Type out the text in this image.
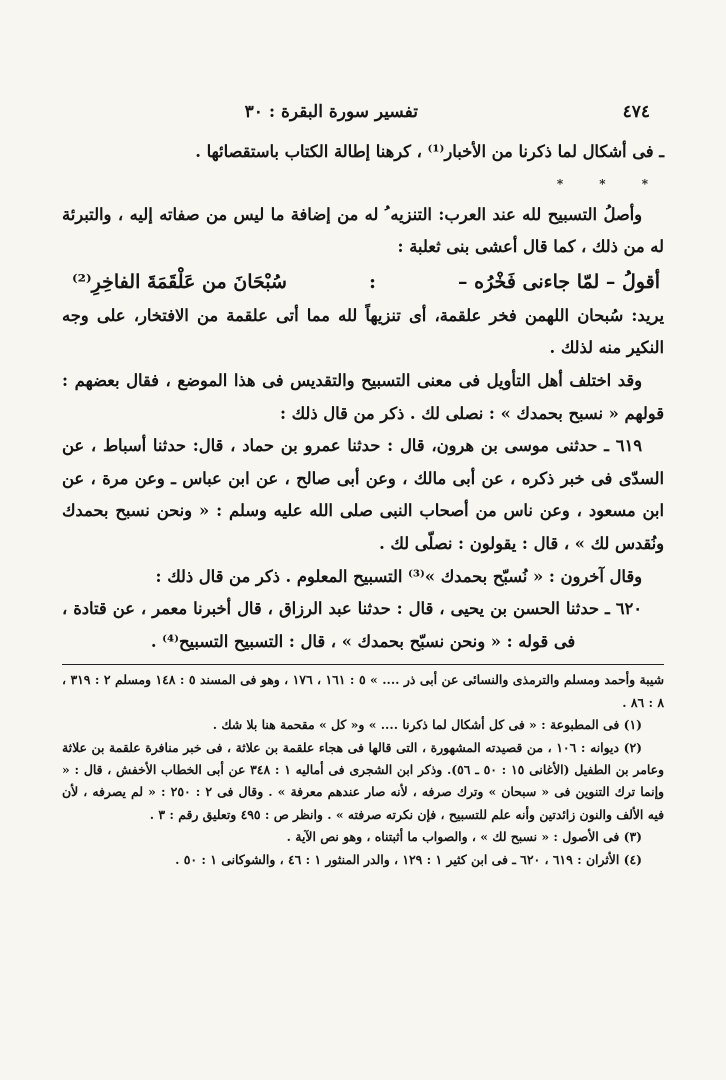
٤٧٤
تفسير سورة البقرة : ٣٠

ـ فى أشكال لما ذكرنا من الأخبار⁽¹⁾ ، كرهنا إطالة الكتاب باستقصائها .

* * *

وأصلُ التسبيح لله عند العرب: التنزيه ُ له من إضافة ما ليس من صفاته إليه ، والتبرئة له من ذلك ، كما قال أعشى بنى ثعلبة :

أقولُ – لمّا جاءنى فَخْرُه –
:
سُبْحَانَ من عَلْقَمَةَ الفاخِرِ⁽²⁾

يريد: سُبحان اللهمن فخر علقمة، أى تنزيهاً لله مما أتى علقمة من الافتخار، على وجه النكير منه لذلك .

وقد اختلف أهل التأويل فى معنى التسبيح والتقديس فى هذا الموضع ، فقال بعضهم : قولهم « نسبح بحمدك » : نصلى لك . ذكر من قال ذلك :

٦١٩ ـ حدثنى موسى بن هرون، قال : حدثنا عمرو بن حماد ، قال: حدثنا أسباط ، عن السدّى فى خبر ذكره ، عن أبى مالك ، وعن أبى صالح ، عن ابن عباس ـ وعن مرة ، عن ابن مسعود ، وعن ناس من أصحاب النبى صلى الله عليه وسلم : « ونحن نسبح بحمدك ونُقدس لك » ، قال : يقولون : نصلّى لك .

وقال آخرون : « نُسبّح بحمدك »⁽³⁾ التسبيح المعلوم . ذكر من قال ذلك :

٦٢٠ ـ حدثنا الحسن بن يحيى ، قال : حدثنا عبد الرزاق ، قال أخبرنا معمر ، عن قتادة ، فى قوله : « ونحن نسبّح بحمدك » ، قال : التسبيح التسبيح⁽⁴⁾ .

شيبة وأحمد ومسلم والترمذى والنسائى عن أبى ذر .... » ٥ : ١٦١ ، ١٧٦ ، وهو فى المسند ٥ : ١٤٨ ومسلم ٢ : ٣١٩ ، ٨ : ٨٦ .

(١) فى المطبوعة : « فى كل أشكال لما ذكرنا .... » و« كل » مقحمة هنا بلا شك .

(٢) ديوانه : ١٠٦ ، من قصيدته المشهورة ، التى قالها فى هجاء علقمة بن علاثة ، فى خبر منافرة علقمة بن علاثة وعامر بن الطفيل (الأغانى ١٥ : ٥٠ ـ ٥٦). وذكر ابن الشجرى فى أماليه ١ : ٣٤٨ عن أبى الخطاب الأخفش ، قال : « وإنما ترك التنوين فى « سبحان » وترك صرفه ، لأنه صار عندهم معرفة » . وقال فى ٢ : ٢٥٠ : « لم يصرفه ، لأن فيه الألف والنون زائدتين وأنه علم للتسبيح ، فإن نكرته صرفته » . وانظر ص : ٤٩٥ وتعليق رقم : ٣ .

(٣) فى الأصول : « نسبح لك » ، والصواب ما أثبتناه ، وهو نص الآية .

(٤) الأثران : ٦١٩ ، ٦٢٠ ـ فى ابن كثير ١ : ١٢٩ ، والدر المنثور ١ : ٤٦ ، والشوكانى ١ : ٥٠ .
